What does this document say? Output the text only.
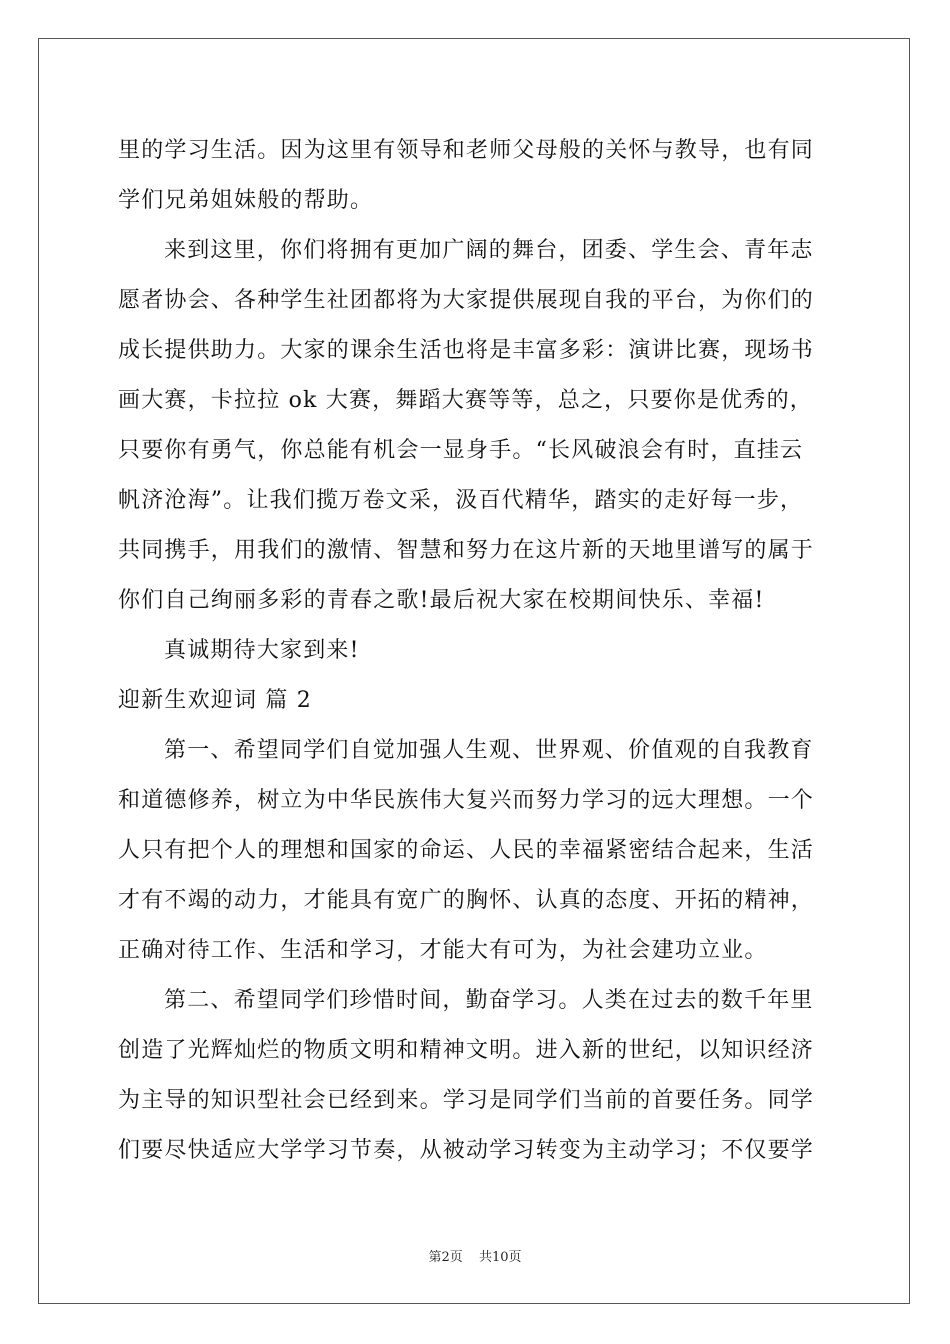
里的学习生活。因为这里有领导和老师父母般的关怀与教导，也有同
学们兄弟姐妹般的帮助。
来到这里，你们将拥有更加广阔的舞台，团委、学生会、青年志
愿者协会、各种学生社团都将为大家提供展现自我的平台，为你们的
成长提供助力。大家的课余生活也将是丰富多彩：演讲比赛，现场书
画大赛，卡拉拉 ok 大赛，舞蹈大赛等等，总之，只要你是优秀的，
只要你有勇气，你总能有机会一显身手。“长风破浪会有时，直挂云
帆济沧海”。让我们揽万卷文采，汲百代精华，踏实的走好每一步，
共同携手，用我们的激情、智慧和努力在这片新的天地里谱写的属于
你们自己绚丽多彩的青春之歌!最后祝大家在校期间快乐、幸福!
真诚期待大家到来!
迎新生欢迎词 篇 2
第一、希望同学们自觉加强人生观、世界观、价值观的自我教育
和道德修养，树立为中华民族伟大复兴而努力学习的远大理想。一个
人只有把个人的理想和国家的命运、人民的幸福紧密结合起来，生活
才有不竭的动力，才能具有宽广的胸怀、认真的态度、开拓的精神，
正确对待工作、生活和学习，才能大有可为，为社会建功立业。
第二、希望同学们珍惜时间，勤奋学习。人类在过去的数千年里
创造了光辉灿烂的物质文明和精神文明。进入新的世纪，以知识经济
为主导的知识型社会已经到来。学习是同学们当前的首要任务。同学
们要尽快适应大学学习节奏，从被动学习转变为主动学习；不仅要学
第2页 共10页
